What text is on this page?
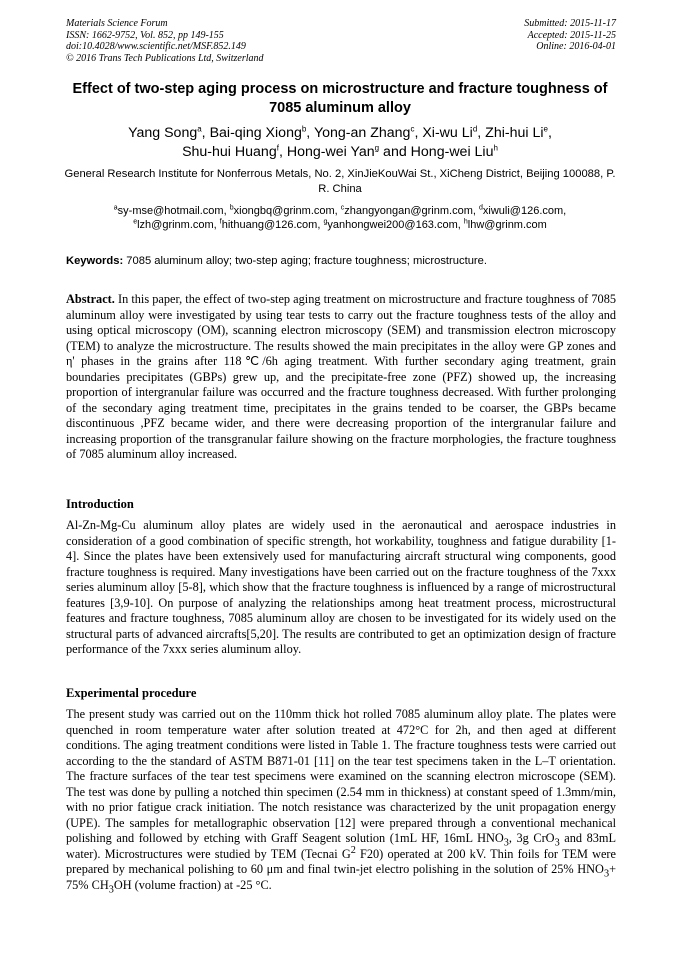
Materials Science Forum
ISSN: 1662-9752, Vol. 852, pp 149-155
doi:10.4028/www.scientific.net/MSF.852.149
© 2016 Trans Tech Publications Ltd, Switzerland
Submitted: 2015-11-17
Accepted: 2015-11-25
Online: 2016-04-01
Effect of two-step aging process on microstructure and fracture toughness of 7085 aluminum alloy
Yang Song$^a$, Bai-qing Xiong$^b$, Yong-an Zhang$^c$, Xi-wu Li$^d$, Zhi-hui Li$^e$,
Shu-hui Huang$^f$, Hong-wei Yan$^g$ and Hong-wei Liu$^h$
General Research Institute for Nonferrous Metals, No. 2, XinJieKouWai St., XiCheng District, Beijing 100088, P. R. China
$^a$sy-mse@hotmail.com, $^b$xiongbq@grinm.com, $^c$zhangyongan@grinm.com, $^d$xiwuli@126.com,
$^e$lzh@grinm.com, $^f$hithuang@126.com, $^g$yanhongwei200@163.com, $^h$lhw@grinm.com
Keywords: 7085 aluminum alloy; two-step aging; fracture toughness; microstructure.
Abstract. In this paper, the effect of two-step aging treatment on microstructure and fracture toughness of 7085 aluminum alloy were investigated by using tear tests to carry out the fracture toughness tests of the alloy and using optical microscopy (OM), scanning electron microscopy (SEM) and transmission electron microscopy (TEM) to analyze the microstructure. The results showed the main precipitates in the alloy were GP zones and η' phases in the grains after 118℃/6h aging treatment. With further secondary aging treatment, grain boundaries precipitates (GBPs) grew up, and the precipitate-free zone (PFZ) showed up, the increasing proportion of intergranular failure was occurred and the fracture toughness decreased. With further prolonging of the secondary aging treatment time, precipitates in the grains tended to be coarser, the GBPs became discontinuous ,PFZ became wider, and there were decreasing proportion of the intergranular failure and increasing proportion of the transgranular failure showing on the fracture morphologies, the fracture toughness of 7085 aluminum alloy increased.
Introduction
Al-Zn-Mg-Cu aluminum alloy plates are widely used in the aeronautical and aerospace industries in consideration of a good combination of specific strength, hot workability, toughness and fatigue durability [1-4]. Since the plates have been extensively used for manufacturing aircraft structural wing components, good fracture toughness is required. Many investigations have been carried out on the fracture toughness of the 7xxx series aluminum alloy [5-8], which show that the fracture toughness is influenced by a range of microstructural features [3,9-10]. On purpose of analyzing the relationships among heat treatment process, microstructural features and fracture toughness, 7085 aluminum alloy are chosen to be investigated for its widely used on the structural parts of advanced aircrafts[5,20]. The results are contributed to get an optimization design of fracture performance of the 7xxx series aluminum alloy.
Experimental procedure
The present study was carried out on the 110mm thick hot rolled 7085 aluminum alloy plate. The plates were quenched in room temperature water after solution treated at 472°C for 2h, and then aged at different conditions. The aging treatment conditions were listed in Table 1. The fracture toughness tests were carried out according to the the standard of ASTM B871-01 [11] on the tear test specimens taken in the L–T orientation. The fracture surfaces of the tear test specimens were examined on the scanning electron microscope (SEM). The test was done by pulling a notched thin specimen (2.54 mm in thickness) at constant speed of 1.3mm/min, with no prior fatigue crack initiation. The notch resistance was characterized by the unit propagation energy (UPE). The samples for metallographic observation [12] were prepared through a conventional mechanical polishing and followed by etching with Graff Seagent solution (1mL HF, 16mL $HNO_3$, 3g CrO$_3$ and 83mL water). Microstructures were studied by TEM (Tecnai $G^2$ F20) operated at 200 kV. Thin foils for TEM were prepared by mechanical polishing to 60 μm and final twin-jet electro polishing in the solution of 25% $HNO_3+ 75\%$ $CH_3OH$ (volume fraction) at -25 °C.
